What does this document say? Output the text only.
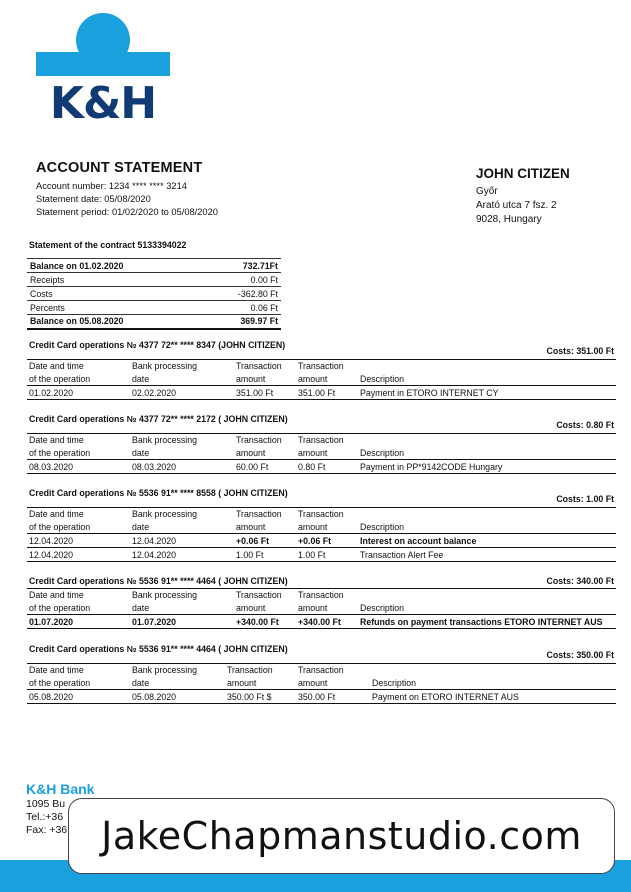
K&H
ACCOUNT STATEMENT
Account number: 1234 **** **** 3214
Statement date: 05/08/2020
Statement period: 01/02/2020 to 05/08/2020
JOHN CITIZEN
Győr
Arató utca 7 fsz. 2
9028, Hungary
Statement of the contract 5133394022
Balance on 01.02.2020	732.71Ft
Receipts	0.00 Ft
Costs	-362.80 Ft
Percents	0.06 Ft
Balance on 05.08.2020	369.97 Ft
Credit Card operations № 4377 72** **** 8347 (JOHN CITIZEN)
Costs: 351.00 Ft
Date and time
of the operation
Bank processing
date
Transaction
amount
Transaction
amount	Description
01.02.2020	02.02.2020	351.00 Ft	351.00 Ft	Payment in ETORO INTERNET CY
Credit Card operations № 4377 72** **** 2172 ( JOHN CITIZEN)
Costs: 0.80 Ft
Date and time
of the operation
Bank processing
date
Transaction
amount
Transaction
amount	Description
08.03.2020	08.03.2020	60.00 Ft	0.80 Ft	Payment in PP*9142CODE Hungary
Credit Card operations № 5536 91** **** 8558 ( JOHN CITIZEN)
Costs: 1.00 Ft
Date and time
of the operation
Bank processing
date
Transaction
amount
Transaction
amount	Description
12.04.2020	12.04.2020	+0.06 Ft	+0.06 Ft	Interest on account balance
12.04.2020	12.04.2020	1.00 Ft	1.00 Ft	Transaction Alert Fee
Credit Card operations № 5536 91** **** 4464 ( JOHN CITIZEN)	Costs: 340.00 Ft
Date and time
of the operation
Bank processing
date
Transaction
amount
Transaction
amount	Description
01.07.2020	01.07.2020	+340.00 Ft +340.00 Ft Refunds on payment transactions ETORO INTERNET AUS
Credit Card operations № 5536 91** **** 4464 ( JOHN CITIZEN)
Costs: 350.00 Ft
Date and time
of the operation
Bank processing
date
Transaction
amount
Transaction
amount	Description
05.08.2020	05.08.2020	350.00 Ft $	350.00 Ft	Payment on ETORO INTERNET AUS
K&H Bank
1095 Bu
Tel.:+36
Fax: +36 JakeChapmanstudio.com
